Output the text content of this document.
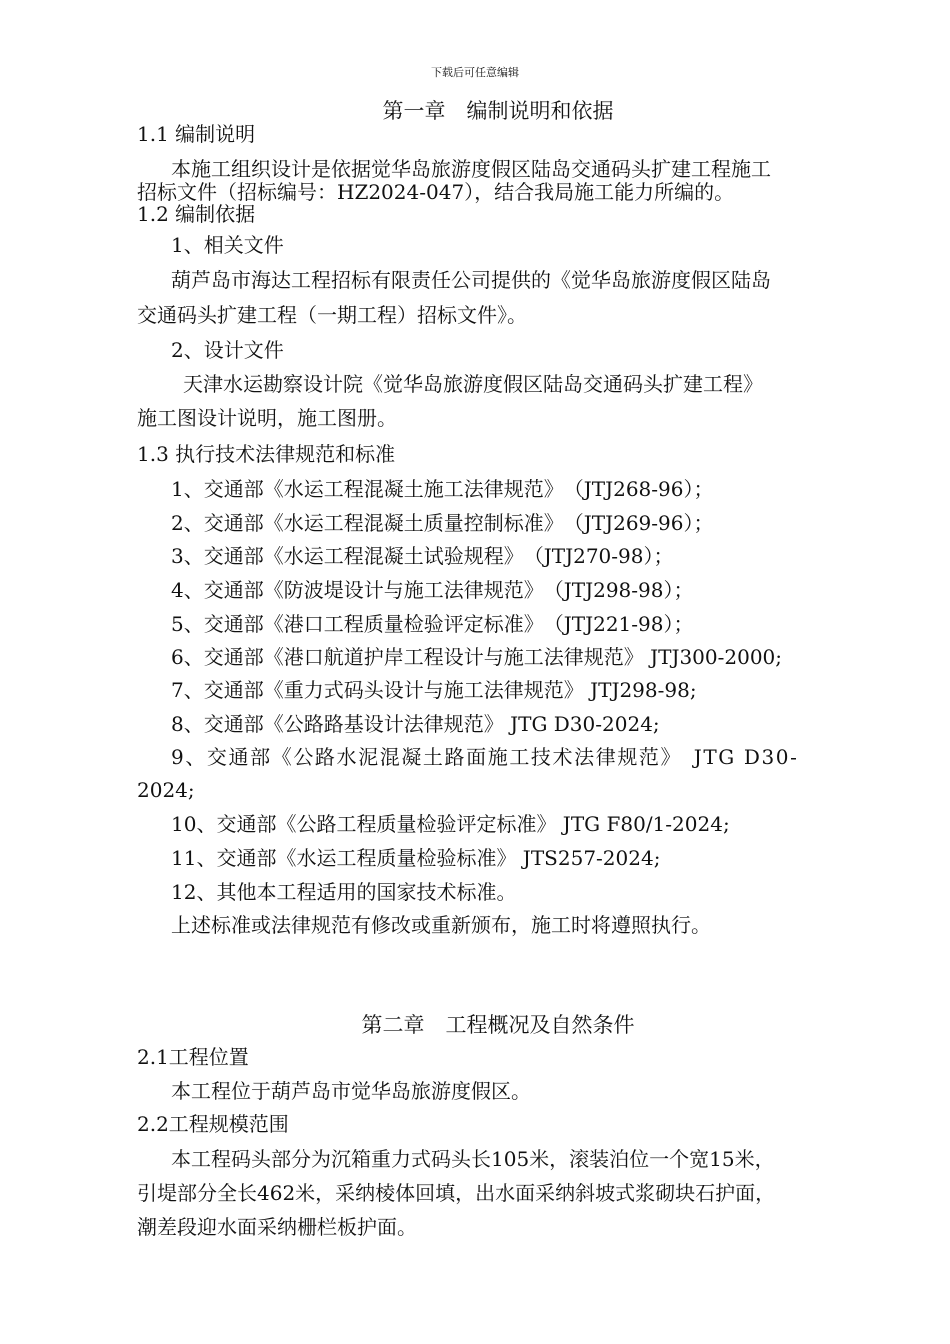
下载后可任意编辑
第一章　编制说明和依据
1.1 编制说明
本施工组织设计是依据觉华岛旅游度假区陆岛交通码头扩建工程施工
招标文件（招标编号：HZ2024-047），结合我局施工能力所编的。
1.2 编制依据
1、相关文件
葫芦岛市海达工程招标有限责任公司提供的《觉华岛旅游度假区陆岛
交通码头扩建工程（一期工程）招标文件》。
2、设计文件
天津水运勘察设计院《觉华岛旅游度假区陆岛交通码头扩建工程》
施工图设计说明，施工图册。
1.3 执行技术法律规范和标准
1、交通部《水运工程混凝土施工法律规范》　（JTJ268-96）；
2、交通部《水运工程混凝土质量控制标准》　（JTJ269-96）；
3、交通部《水运工程混凝土试验规程》　（JTJ270-98）；
4、交通部《防波堤设计与施工法律规范》　（JTJ298-98）；
5、交通部《港口工程质量检验评定标准》　（JTJ221-98）；
6、交通部《港口航道护岸工程设计与施工法律规范》 JTJ300-2000;
7、交通部《重力式码头设计与施工法律规范》 JTJ298-98;
8、交通部《公路路基设计法律规范》 JTG D30-2024;
9、交通部《公路水泥混凝土路面施工技术法律规范》　JTG D30-
2024;
10、交通部《公路工程质量检验评定标准》 JTG F80/1-2024;
11、交通部《水运工程质量检验标准》 JTS257-2024;
12、其他本工程适用的国家技术标准。
上述标准或法律规范有修改或重新颁布，施工时将遵照执行。
第二章　工程概况及自然条件
2.1工程位置
本工程位于葫芦岛市觉华岛旅游度假区。
2.2工程规模范围
本工程码头部分为沉箱重力式码头长105米，滚装泊位一个宽15米，
引堤部分全长462米，采纳棱体回填，出水面采纳斜坡式浆砌块石护面，
潮差段迎水面采纳栅栏板护面。
